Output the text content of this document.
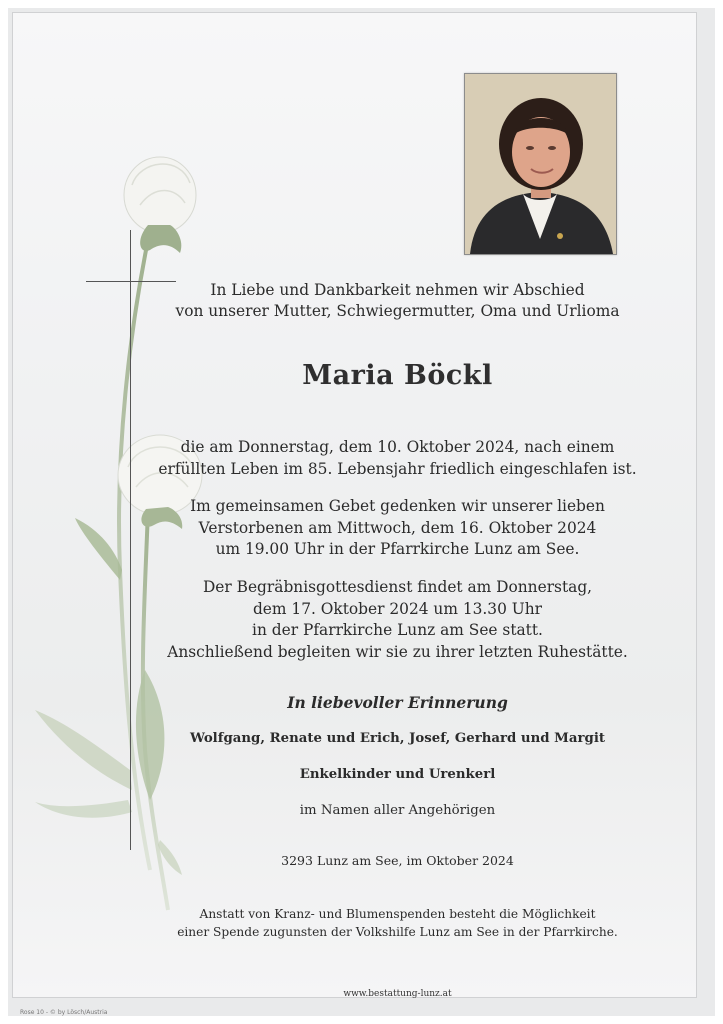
In Liebe und Dankbarkeit nehmen wir Abschied
von unserer Mutter, Schwiegermutter, Oma und Urlioma
Maria Böckl
die am Donnerstag, dem 10. Oktober 2024, nach einem
erfüllten Leben im 85. Lebensjahr friedlich eingeschlafen ist.
Im gemeinsamen Gebet gedenken wir unserer lieben
Verstorbenen am Mittwoch, dem 16. Oktober 2024
um 19.00 Uhr in der Pfarrkirche Lunz am See.
Der Begräbnisgottesdienst findet am Donnerstag,
dem 17. Oktober 2024 um 13.30 Uhr
in der Pfarrkirche Lunz am See statt.
Anschließend begleiten wir sie zu ihrer letzten Ruhestätte.
In liebevoller Erinnerung
Wolfgang, Renate und Erich, Josef, Gerhard und Margit
Enkelkinder und Urenkerl
im Namen aller Angehörigen
3293 Lunz am See, im Oktober 2024
Anstatt von Kranz- und Blumenspenden besteht die Möglichkeit
einer Spende zugunsten der Volkshilfe Lunz am See in der Pfarrkirche.
www.bestattung-lunz.at
Rose 10 - © by Lösch/Austria
